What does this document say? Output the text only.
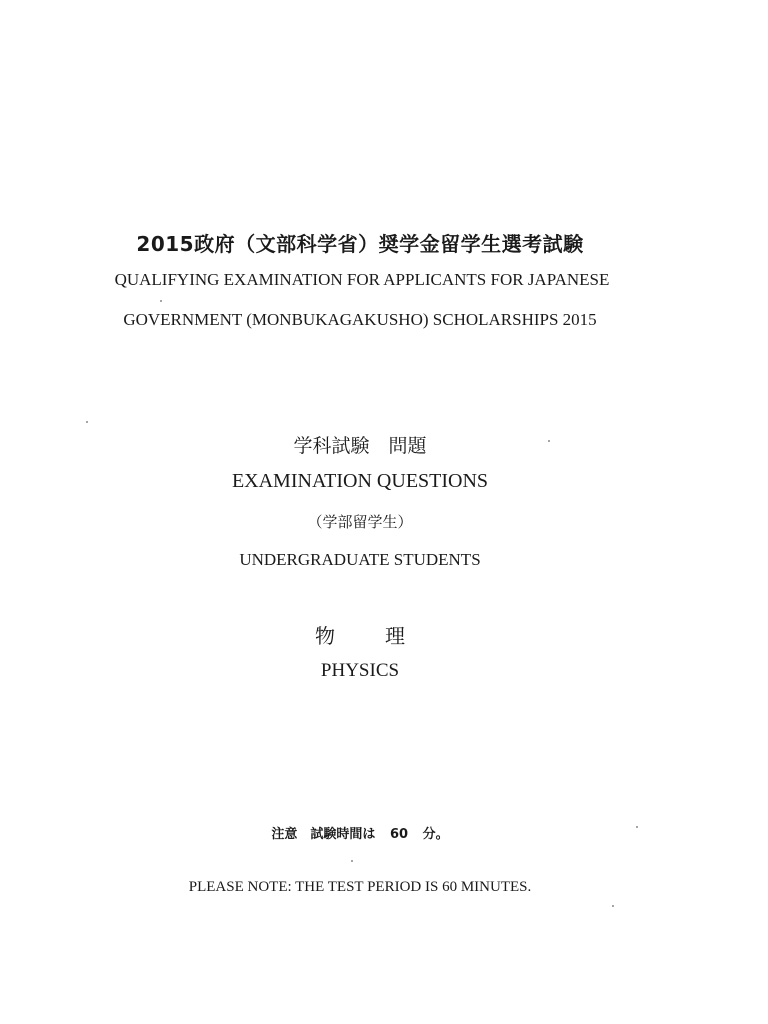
2015政府（文部科学省）奨学金留学生選考試験
QUALIFYING EXAMINATION FOR APPLICANTS FOR JAPANESE
GOVERNMENT (MONBUKAGAKUSHO) SCHOLARSHIPS 2015
学科試験　問題
EXAMINATION QUESTIONS
（学部留学生）
UNDERGRADUATE STUDENTS
物理
PHYSICS
注意　試験時間は 60 分。
PLEASE NOTE: THE TEST PERIOD IS 60 MINUTES.
